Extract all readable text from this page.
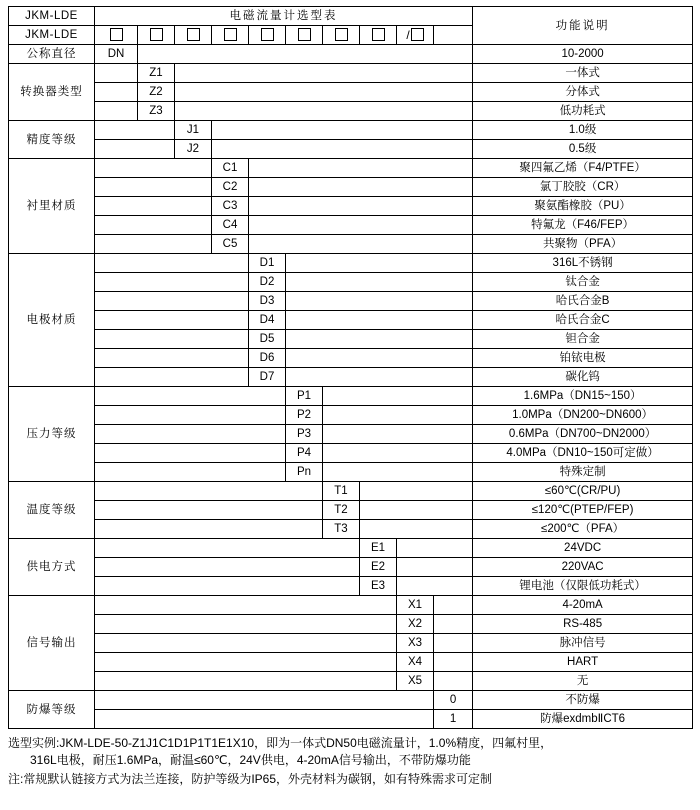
JKM-LDE	电磁流量计选型表										功能说明
JKM-LDE									/		
公称直径	DN										10-2000
转换器类型		Z1									一体式
		Z2									分体式
		Z3									低功耗式
精度等级			J1								1.0级
			J2								0.5级
衬里材质				C1							聚四氟乙烯（F4/PTFE）
				C2							氯丁胶胶（CR）
				C3							聚氨酯橡胶（PU）
				C4							特氟龙（F46/FEP）
				C5							共聚物（PFA）
电极材质					D1						316L不锈钢
					D2						钛合金
					D3						哈氏合金B
					D4						哈氏合金C
					D5						钽合金
					D6						铂铱电极
					D7						碳化钨
压力等级						P1					1.6MPa（DN15~150）
						P2					1.0MPa（DN200~DN600）
						P3					0.6MPa（DN700~DN2000）
						P4					4.0MPa（DN10~150可定做）
						Pn					特殊定制
温度等级							T1				≤60℃(CR/PU)
							T2				≤120℃(PTEP/FEP)
							T3				≤200℃（PFA）
供电方式								E1			24VDC
								E2			220VAC
								E3			锂电池（仅限低功耗式）
信号输出									X1		4-20mA
									X2		RS-485
									X3		脉冲信号
									X4		HART
									X5		无
防爆等级										0	不防爆
										1	防爆exdmbⅡCT6
选型实例:JKM-LDE-50-Z1J1C1D1P1T1E1X10，即为一体式DN50电磁流量计，1.0%精度，四氟村里，
316L电极，耐压1.6MPa，耐温≤60℃，24V供电，4-20mA信号输出，不带防爆功能
注:常规默认链接方式为法兰连接，防护等级为IP65，外壳材料为碳钢，如有特殊需求可定制
